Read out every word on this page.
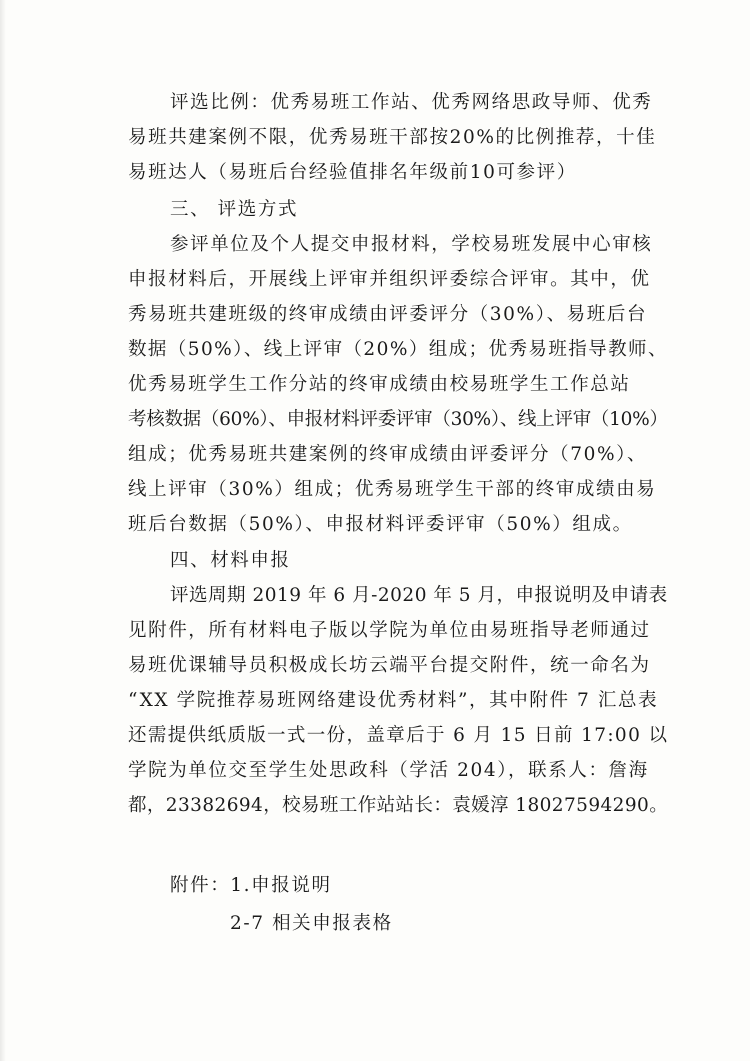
评选比例：优秀易班工作站、优秀网络思政导师、优秀
易班共建案例不限，优秀易班干部按20%的比例推荐，十佳
易班达人（易班后台经验值排名年级前10可参评）
三、 评选方式
参评单位及个人提交申报材料，学校易班发展中心审核
申报材料后，开展线上评审并组织评委综合评审。其中，优
秀易班共建班级的终审成绩由评委评分（30%）、易班后台
数据（50%）、线上评审（20%）组成；优秀易班指导教师、
优秀易班学生工作分站的终审成绩由校易班学生工作总站
考核数据（60%）、申报材料评委评审（30%）、线上评审（10%）
组成；优秀易班共建案例的终审成绩由评委评分（70%）、
线上评审（30%）组成；优秀易班学生干部的终审成绩由易
班后台数据（50%）、申报材料评委评审（50%）组成。
四、材料申报
评选周期 2019 年 6 月-2020 年 5 月，申报说明及申请表
见附件，所有材料电子版以学院为单位由易班指导老师通过
易班优课辅导员积极成长坊云端平台提交附件，统一命名为
“XX 学院推荐易班网络建设优秀材料”，其中附件 7 汇总表
还需提供纸质版一式一份，盖章后于 6 月 15 日前 17:00 以
学院为单位交至学生处思政科（学活 204），联系人：詹海
都，23382694，校易班工作站站长：袁媛淳 18027594290。
附件：1.申报说明
2-7 相关申报表格
